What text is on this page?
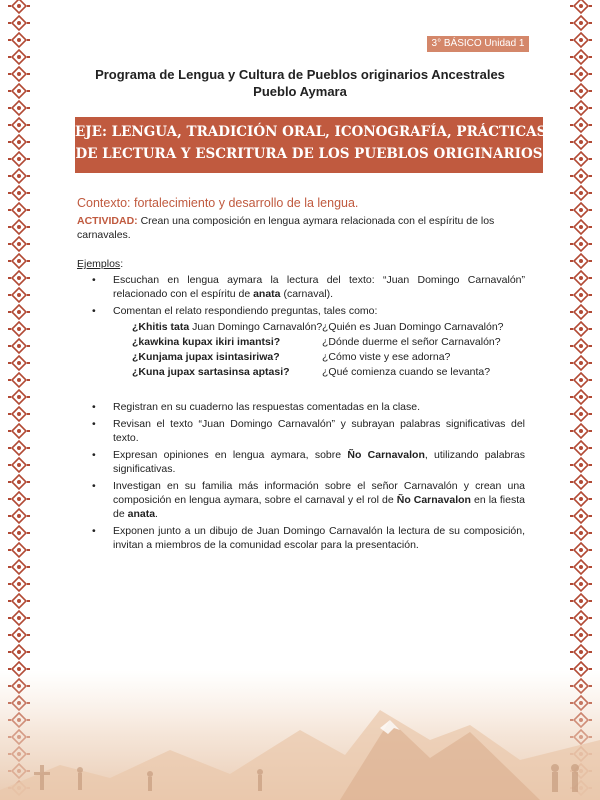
3° BÁSICO Unidad 1
Programa de Lengua y Cultura de Pueblos originarios Ancestrales
Pueblo Aymara
EJE: LENGUA, TRADICIÓN ORAL, ICONOGRAFÍA, PRÁCTICAS
DE LECTURA Y ESCRITURA DE LOS PUEBLOS ORIGINARIOS
Contexto: fortalecimiento y desarrollo de la lengua.
ACTIVIDAD: Crean una composición en lengua aymara relacionada con el espíritu de los carnavales.
Ejemplos:
• Escuchan en lengua aymara la lectura del texto: “Juan Domingo Carnavalón” relacionado con el espíritu de anata (carnaval).
• Comentan el relato respondiendo preguntas, tales como:
¿Khitis tata Juan Domingo Carnavalón? ¿Quién es Juan Domingo Carnavalón?
¿kawkina kupax ikiri imantsi?	¿Dónde duerme el señor Carnavalón?
¿Kunjama jupax isintasiriwa?	¿Cómo viste y ese adorna?
¿Kuna jupax sartasinsa aptasi?	¿Qué comienza cuando se levanta?
• Registran en su cuaderno las respuestas comentadas en la clase.
• Revisan el texto “Juan Domingo Carnavalón” y subrayan palabras significativas del texto.
• Expresan opiniones en lengua aymara, sobre Ño Carnavalon, utilizando palabras significativas.
• Investigan en su familia más información sobre el señor Carnavalón y crean una composición en lengua aymara, sobre el carnaval y el rol de Ño Carnavalon en la fiesta de anata.
• Exponen junto a un dibujo de Juan Domingo Carnavalón la lectura de su composición, invitan a miembros de la comunidad escolar para la presentación.
